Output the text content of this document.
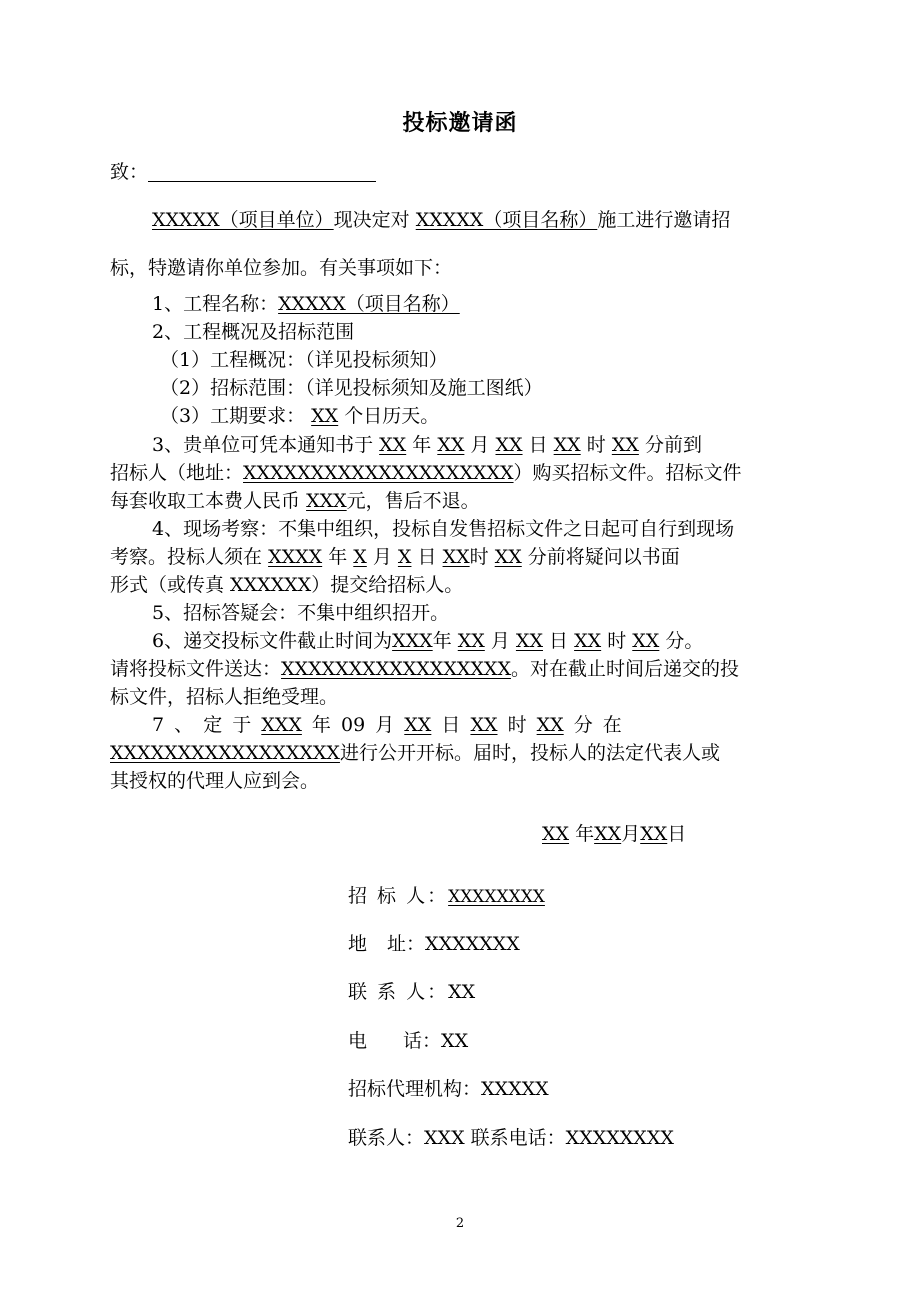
投标邀请函
致：
XXXXX（项目单位）现决定对 XXXXX（项目名称）施工进行邀请招
标，特邀请你单位参加。有关事项如下：
1、工程名称：XXXXX（项目名称）
2、工程概况及招标范围
（1）工程概况：（详见投标须知）
（2）招标范围：（详见投标须知及施工图纸）
（3）工期要求： XX 个日历天。
3、贵单位可凭本通知书于 XX 年 XX 月 XX 日 XX 时 XX 分前到
招标人（地址：XXXXXXXXXXXXXXXXXXXX）购买招标文件。招标文件
每套收取工本费人民币 XXX元，售后不退。
4、现场考察：不集中组织，投标自发售招标文件之日起可自行到现场
考察。投标人须在 XXXX 年 X 月 X 日 XX时 XX 分前将疑问以书面
形式（或传真 XXXXXX）提交给招标人。
5、招标答疑会：不集中组织招开。
6、递交投标文件截止时间为XXX年 XX 月 XX 日 XX 时 XX 分。
请将投标文件送达：XXXXXXXXXXXXXXXXX。对在截止时间后递交的投
标文件，招标人拒绝受理。
7 、 定 于 XXX 年 09 月 XX 日 XX 时 XX 分 在
XXXXXXXXXXXXXXXXX进行公开开标。届时，投标人的法定代表人或
其授权的代理人应到会。
XX 年XX月XX日
招 标 人：XXXXXXXX
地 址：XXXXXXX
联 系 人：XX
电 话：XX
招标代理机构：XXXXX
联系人：XXX 联系电话：XXXXXXXX
2
